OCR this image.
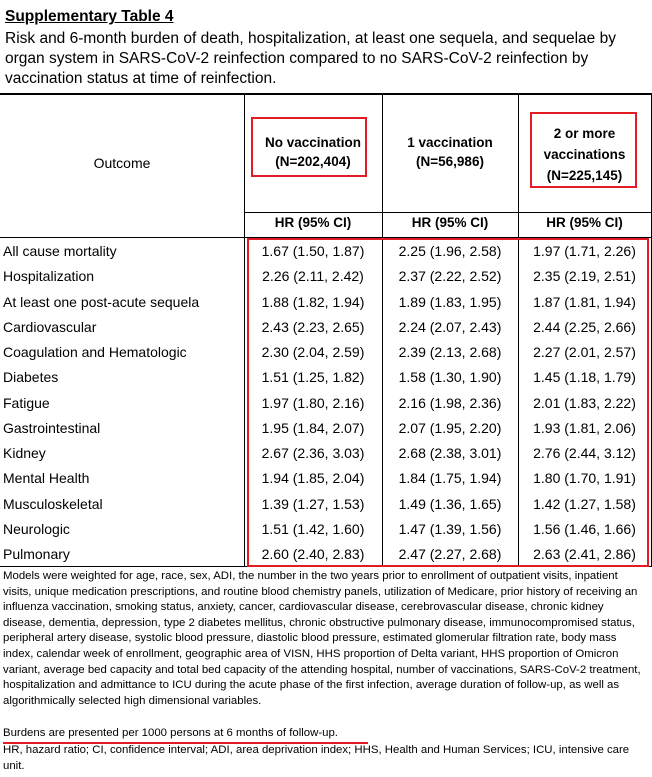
Supplementary Table 4
Risk and 6-month burden of death, hospitalization, at least one sequela, and sequelae by organ system in SARS-CoV-2 reinfection compared to no SARS-CoV-2 reinfection by vaccination status at time of reinfection.
Outcome
No vaccination
(N=202,404)
1 vaccination
(N=56,986)
2 or more
vaccinations
(N=225,145)
HR (95% CI)	HR (95% CI)	HR (95% CI)
All cause mortality	1.67 (1.50, 1.87)	2.25 (1.96, 2.58)	1.97 (1.71, 2.26)
Hospitalization	2.26 (2.11, 2.42)	2.37 (2.22, 2.52)	2.35 (2.19, 2.51)
At least one post-acute sequela	1.88 (1.82, 1.94)	1.89 (1.83, 1.95)	1.87 (1.81, 1.94)
Cardiovascular	2.43 (2.23, 2.65)	2.24 (2.07, 2.43)	2.44 (2.25, 2.66)
Coagulation and Hematologic	2.30 (2.04, 2.59)	2.39 (2.13, 2.68)	2.27 (2.01, 2.57)
Diabetes	1.51 (1.25, 1.82)	1.58 (1.30, 1.90)	1.45 (1.18, 1.79)
Fatigue	1.97 (1.80, 2.16)	2.16 (1.98, 2.36)	2.01 (1.83, 2.22)
Gastrointestinal	1.95 (1.84, 2.07)	2.07 (1.95, 2.20)	1.93 (1.81, 2.06)
Kidney	2.67 (2.36, 3.03)	2.68 (2.38, 3.01)	2.76 (2.44, 3.12)
Mental Health	1.94 (1.85, 2.04)	1.84 (1.75, 1.94)	1.80 (1.70, 1.91)
Musculoskeletal	1.39 (1.27, 1.53)	1.49 (1.36, 1.65)	1.42 (1.27, 1.58)
Neurologic	1.51 (1.42, 1.60)	1.47 (1.39, 1.56)	1.56 (1.46, 1.66)
Pulmonary	2.60 (2.40, 2.83)	2.47 (2.27, 2.68)	2.63 (2.41, 2.86)
Models were weighted for age, race, sex, ADI, the number in the two years prior to enrollment of outpatient visits, inpatient visits, unique medication prescriptions, and routine blood chemistry panels, utilization of Medicare, prior history of receiving an influenza vaccination, smoking status, anxiety, cancer, cardiovascular disease, cerebrovascular disease, chronic kidney disease, dementia, depression, type 2 diabetes mellitus, chronic obstructive pulmonary disease, immunocompromised status, peripheral artery disease, systolic blood pressure, diastolic blood pressure, estimated glomerular filtration rate, body mass index, calendar week of enrollment, geographic area of VISN, HHS proportion of Delta variant, HHS proportion of Omicron variant, average bed capacity and total bed capacity of the attending hospital, number of vaccinations, SARS-CoV-2 treatment, hospitalization and admittance to ICU during the acute phase of the first infection, average duration of follow-up, as well as algorithmically selected high dimensional variables.
Burdens are presented per 1000 persons at 6 months of follow-up.
HR, hazard ratio; CI, confidence interval; ADI, area deprivation index; HHS, Health and Human Services; ICU, intensive care unit.
